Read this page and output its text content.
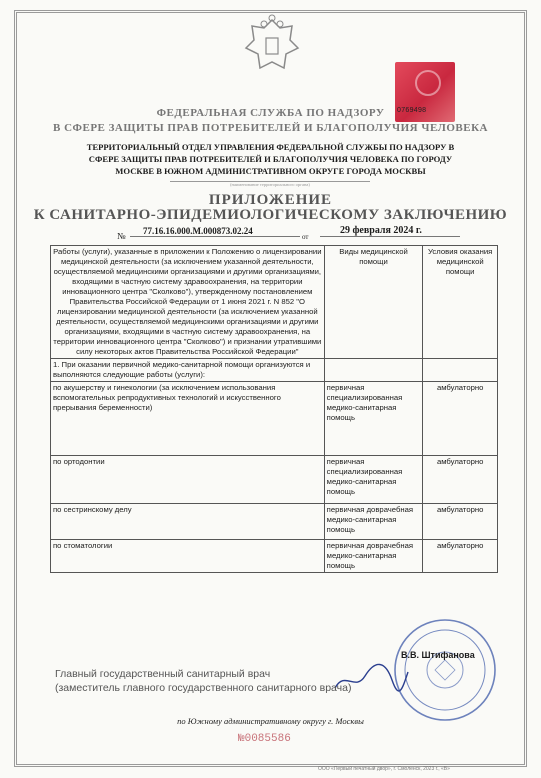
0769498
ФЕДЕРАЛЬНАЯ СЛУЖБА ПО НАДЗОРУ
В СФЕРЕ ЗАЩИТЫ ПРАВ ПОТРЕБИТЕЛЕЙ И БЛАГОПОЛУЧИЯ ЧЕЛОВЕКА
ТЕРРИТОРИАЛЬНЫЙ ОТДЕЛ УПРАВЛЕНИЯ ФЕДЕРАЛЬНОЙ СЛУЖБЫ ПО НАДЗОРУ В
СФЕРЕ ЗАЩИТЫ ПРАВ ПОТРЕБИТЕЛЕЙ И БЛАГОПОЛУЧИЯ ЧЕЛОВЕКА ПО ГОРОДУ
МОСКВЕ В ЮЖНОМ АДМИНИСТРАТИВНОМ ОКРУГЕ ГОРОДА МОСКВЫ
(наименование территориального органа)
ПРИЛОЖЕНИЕ
К САНИТАРНО-ЭПИДЕМИОЛОГИЧЕСКОМУ ЗАКЛЮЧЕНИЮ
№ 77.16.16.000.М.000873.02.24
от
29 февраля 2024 г.
Работы (услуги), указанные в приложении к Положению о лицензировании медицинской деятельности (за исключением указанной деятельности, осуществляемой медицинскими организациями и другими организациями, входящими в частную систему здравоохранения, на территории инновационного центра "Сколково"), утвержденному постановлением Правительства Российской Федерации от 1 июня 2021 г. N 852 "О лицензировании медицинской деятельности (за исключением указанной деятельности, осуществляемой медицинскими организациями и другими организациями, входящими в частную систему здравоохранения, на территории инновационного центра "Сколково") и признании утратившими силу некоторых актов Правительства Российской Федерации"	Виды медицинской помощи	Условия оказания медицинской помощи
1. При оказании первичной медико-санитарной помощи организуются и выполняются следующие работы (услуги):		
по акушерству и гинекологии (за исключением использования вспомогательных репродуктивных технологий и искусственного прерывания беременности)	первичная специализированная медико-санитарная помощь	амбулаторно
по ортодонтии	первичная специализированная медико-санитарная помощь	амбулаторно
по сестринскому делу	первичная доврачебная медико-санитарная помощь	амбулаторно
по стоматологии	первичная доврачебная медико-санитарная помощь	амбулаторно
Главный государственный санитарный врач
(заместитель главного государственного санитарного врача)
В.В. Штифанова
по Южному административному округу г. Москвы
№0085586
ООО «Первый печатный двор», г. Смоленск, 2023 г., «В»
